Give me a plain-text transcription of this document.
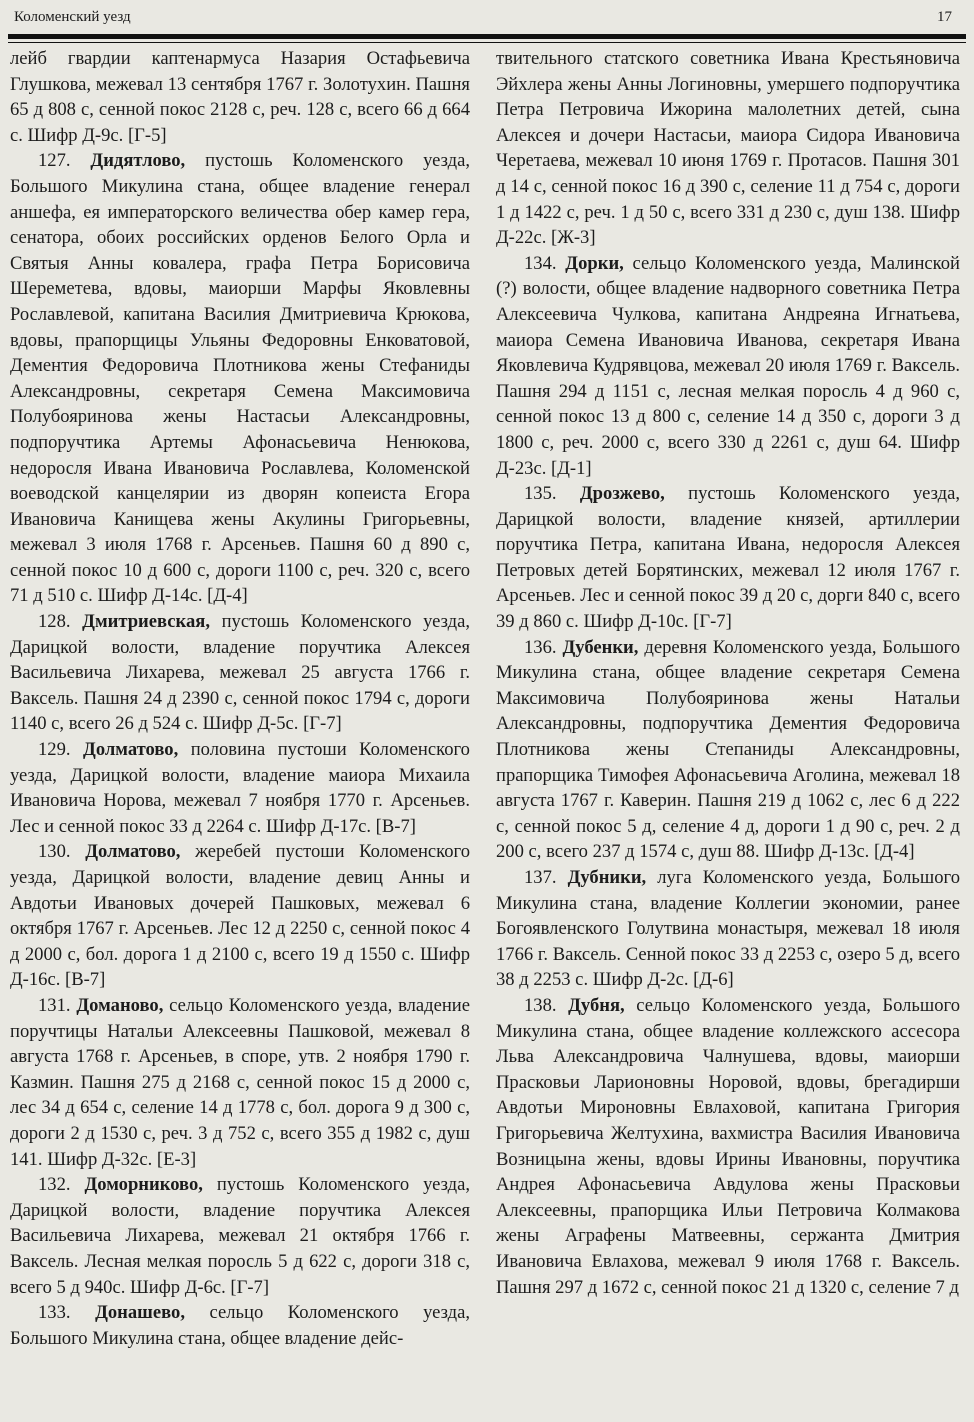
Коломенский уезд	17

лейб гвардии каптенармуса Назария Остафьевича Глушкова, межевал 13 сентября 1767 г. Золотухин. Пашня 65 д 808 с, сенной покос 2128 с, реч. 128 с, всего 66 д 664 с. Шифр Д-9с. [Г-5]

127. Дидятлово, пустошь Коломенского уезда, Большого Микулина стана, общее владение генерал аншефа, ея императорского величества обер камер гера, сенатора, обоих российских орденов Белого Орла и Святыя Анны ковалера, графа Петра Борисовича Шереметева, вдовы, маиорши Марфы Яковлевны Рославлевой, капитана Василия Дмитриевича Крюкова, вдовы, прапорщицы Ульяны Федоровны Енковатовой, Дементия Федоровича Плотникова жены Стефаниды Александровны, секретаря Семена Максимовича Полубояринова жены Настасьи Александровны, подпоручтика Артемы Афонасьевича Ненюкова, недоросля Ивана Ивановича Рославлева, Коломенской воеводской канцелярии из дворян копеиста Егора Ивановича Канищева жены Акулины Григорьевны, межевал 3 июля 1768 г. Арсеньев. Пашня 60 д 890 с, сенной покос 10 д 600 с, дороги 1100 с, реч. 320 с, всего 71 д 510 с. Шифр Д-14с. [Д-4]

128. Дмитриевская, пустошь Коломенского уезда, Дарицкой волости, владение поручтика Алексея Васильевича Лихарева, межевал 25 августа 1766 г. Ваксель. Пашня 24 д 2390 с, сенной покос 1794 с, дороги 1140 с, всего 26 д 524 с. Шифр Д-5с. [Г-7]

129. Долматово, половина пустоши Коломенского уезда, Дарицкой волости, владение маиора Михаила Ивановича Норова, межевал 7 ноября 1770 г. Арсеньев. Лес и сенной покос 33 д 2264 с. Шифр Д-17с. [В-7]

130. Долматово, жеребей пустоши Коломенского уезда, Дарицкой волости, владение девиц Анны и Авдотьи Ивановых дочерей Пашковых, межевал 6 октября 1767 г. Арсеньев. Лес 12 д 2250 с, сенной покос 4 д 2000 с, бол. дорога 1 д 2100 с, всего 19 д 1550 с. Шифр Д-16с. [В-7]

131. Доманово, сельцо Коломенского уезда, владение поручтицы Натальи Алексеевны Пашковой, межевал 8 августа 1768 г. Арсеньев, в споре, утв. 2 ноября 1790 г. Казмин. Пашня 275 д 2168 с, сенной покос 15 д 2000 с, лес 34 д 654 с, селение 14 д 1778 с, бол. дорога 9 д 300 с, дороги 2 д 1530 с, реч. 3 д 752 с, всего 355 д 1982 с, душ 141. Шифр Д-32с. [Е-3]

132. Доморниково, пустошь Коломенского уезда, Дарицкой волости, владение поручтика Алексея Васильевича Лихарева, межевал 21 октября 1766 г. Ваксель. Лесная мелкая поросль 5 д 622 с, дороги 318 с, всего 5 д 940с. Шифр Д-6с. [Г-7]

133. Донашево, сельцо Коломенского уезда, Большого Микулина стана, общее владение дейс-

твительного статского советника Ивана Крестьяновича Эйхлера жены Анны Логиновны, умершего подпоручтика Петра Петровича Ижорина малолетних детей, сына Алексея и дочери Настасьи, маиора Сидора Ивановича Черетаева, межевал 10 июня 1769 г. Протасов. Пашня 301 д 14 с, сенной покос 16 д 390 с, селение 11 д 754 с, дороги 1 д 1422 с, реч. 1 д 50 с, всего 331 д 230 с, душ 138. Шифр Д-22с. [Ж-3]

134. Дорки, сельцо Коломенского уезда, Малинской (?) волости, общее владение надворного советника Петра Алексеевича Чулкова, капитана Андреяна Игнатьева, маиора Семена Ивановича Иванова, секретаря Ивана Яковлевича Кудрявцова, межевал 20 июля 1769 г. Ваксель. Пашня 294 д 1151 с, лесная мелкая поросль 4 д 960 с, сенной покос 13 д 800 с, селение 14 д 350 с, дороги 3 д 1800 с, реч. 2000 с, всего 330 д 2261 с, душ 64. Шифр Д-23с. [Д-1]

135. Дрозжево, пустошь Коломенского уезда, Дарицкой волости, владение князей, артиллерии поручтика Петра, капитана Ивана, недоросля Алексея Петровых детей Борятинских, межевал 12 июля 1767 г. Арсеньев. Лес и сенной покос 39 д 20 с, дорги 840 с, всего 39 д 860 с. Шифр Д-10с. [Г-7]

136. Дубенки, деревня Коломенского уезда, Большого Микулина стана, общее владение секретаря Семена Максимовича Полубояринова жены Натальи Александровны, подпоручтика Дементия Федоровича Плотникова жены Степаниды Александровны, прапорщика Тимофея Афонасьевича Аголина, межевал 18 августа 1767 г. Каверин. Пашня 219 д 1062 с, лес 6 д 222 с, сенной покос 5 д, селение 4 д, дороги 1 д 90 с, реч. 2 д 200 с, всего 237 д 1574 с, душ 88. Шифр Д-13с. [Д-4]

137. Дубники, луга Коломенского уезда, Большого Микулина стана, владение Коллегии экономии, ранее Богоявленского Голутвина монастыря, межевал 18 июля 1766 г. Ваксель. Сенной покос 33 д 2253 с, озеро 5 д, всего 38 д 2253 с. Шифр Д-2с. [Д-6]

138. Дубня, сельцо Коломенского уезда, Большого Микулина стана, общее владение коллежского ассесора Льва Александровича Чалнушева, вдовы, маиорши Прасковьи Ларионовны Норовой, вдовы, брегадирши Авдотьи Мироновны Евлаховой, капитана Григория Григорьевича Желтухина, вахмистра Василия Ивановича Возницына жены, вдовы Ирины Ивановны, поручтика Андрея Афонасьевича Авдулова жены Прасковьи Алексеевны, прапорщика Ильи Петровича Колмакова жены Аграфены Матвеевны, сержанта Дмитрия Ивановича Евлахова, межевал 9 июля 1768 г. Ваксель. Пашня 297 д 1672 с, сенной покос 21 д 1320 с, селение 7 д
